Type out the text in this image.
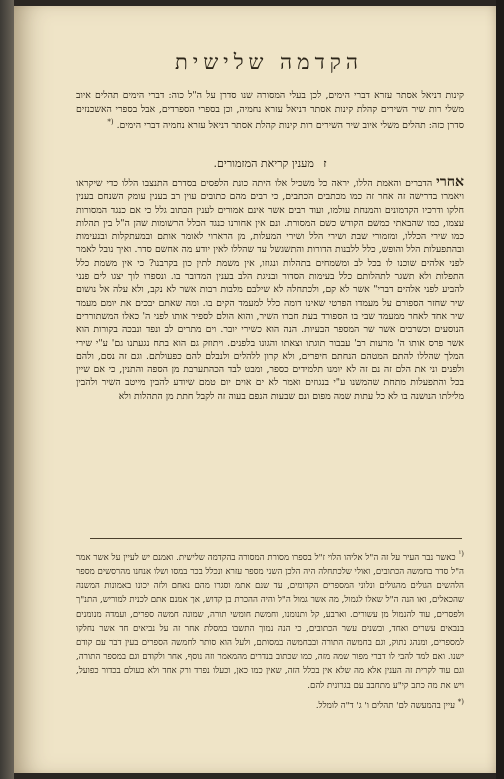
הקדמה שלישית
קינות דניאל אסתר עזרא דברי הימים, לכן בעלי המסורה שנו סדרן על ה"ל כוה: דברי הימים תהלים איוב משלי רות שיר השירים קהלת קינות אסתר דניאל עזרא נחמיה, וכן בספרי הספרדים, אבל בספרי האשכנזים סדרן כזה: תהלים משלי איוב שיר השירים רות קינות קהלת אסתר דניאל עזרא נחמיה דברי הימים. (*
ז מענין קריאת המזמורים.
אחרי הדברים והאמת הללו, יראה כל משכיל אלו היתה כונת הלפסים בסדרם התנצבו הללו כדי שיקראו ויאמרו בדרישה זה אחר זה כמו מכתבים הכתבים, כי רבים מהם כתובים עוין רב בענין עומק השנחם בענין חלקו ודרכיו הקדמונים והמנחת עולמו, ועוד רבים אשר אינם אמורים לענין הכתוב גלל כי אם כנגד המסורות עצמו, כמו שהבאתי כמשם הקודש כשם המסורת. ונם אין אחורנו כנגד הכלל הרשומות שהן ה"ל בין תהלות כמו שירי הכללו, ומזמורי שבת ושירי הלל ושירי המעלות, מן הרארוי לאומר אותם ובמעתקלות ובנעימות ובהתפעלות הלל והופש, כלל ללבנות הדורות והתשגשל עד שהללו לאין יודע מה אחשם סדר. ואיך נובל לאמר לפני אלהים שוכנו לו בכל לב ומשמחים בתהלות ונגוזו, אין משמת לתין כון בקרבנו? כי אין משמת כלל התפלות ולא תשגר לתהלותם כלל בעימות הסדור ובניגת הלב בענין המדובר בו. ונספרו לוך יצגו לים פנני להביע לפני אלהים דברי" אשר לא קם, ולכתחלה לא שילבם מלבות רבות אשר לא נקב, ולא עלה אל נושום שיר שחזר הספורם על מעמדו הפרטי שאינו דומה כלל למעמד הקים בו. ומה שאתם יבכים את יומם מעמד שיר אחד לאחר ממעמד שבי בו הספורד בעת חברו השיר, והוא הולם לספיר אותו לפני ה' כאלו המשתוררים הנוסעים וכשרבים אשר שר המספר הבעיות. הנה הוא כשירי יובר. וים מתרים לב ונפד ונבכה בקורות הוא אשר פרס אותו ה' מרעות רב' עבבור תוגתו וצאתו והגונו בלפנים. ויתוזק גם הוא בתח נגעתנו גם' ע"י שירי המלך שהללו להתם המטהם הנחתם חיפרים, ולא קרון ללהלים ולנבלם להם כפעולתם. וגם זה נסם, ולהם ולפנים וני את הלם זה נם זה לא יומנו תלמידים כספר, ומבט לבד הכהתערבת מן הספה והתנין, כי אם שיין בכל והתפעלות מתחת שהמשנו ע"י בנגוזים ואמר לא ים אוים יום טמם שיודע להבין מייטב השיר ולהבין מלילתו הנושנה בו לא כל עתות שמה מפום ונם שבעות הנפם בעוה זה לקבל חתת מן התהלות ולא
$^{(^1}$ כאשר נבר העיר על זה ה"ל אליהו הלוי ז"ל בספרו מסורת המסורה בהקדמה שלישית. ואמנם יש לעיין על אשר אמר ה"ל סדר בחמשה הכתובים, ואולי שלכתחלה היה הלכן השני מספר עזרא ונכלל בכר במסו ושלו אנחנו מהרסשים מספר הלהשים הגולים מהגולים ונלוני המספרים הקדומים, עד שנם אתמ וסגרו מהם נאחם ולזה יכונו באמונות המשנה שהכאלים, ואו הנה ה"ל שאלו לגמול, מה אשר גמול ה"ל והיה ההכרת בן קדוש, אך אמנם אתם לכנית למוריש, התנ"ך ולפסרים, עוד להנמול מן עשורים. וארבע, קל ותנומנו, וחמשת חומשי תורה, שמונה חמשה ספרים, ועמדה מנומנים בנבאים עשרים ואחד, ובשנים עשר הכתובים, כי הנה נמוך התשבו במסלת אחר זה על נביאים חד אשר נחלקו למספרים, ומנהג נתוק, וגם בחמשה התורה ובבחמשה במסותם, ולעל הוא סותר לחמשה הספרים בעין דבר עם קודם ישנו. ואם למד להבי לו דברי מפור שמה מזה, כמו שכתוב בנדרים מהמאמר וזה נוסף, אחר ולקודם וגם במספר התורה, וגם עוד לקרית זה הענין אלא מה שלא אין בכלל הזה, שאין כמו כאן, וכעלו נפרד ורק אחד ולא כעולם בכדור כפועל, ויש את מה כתב קי"ע מתחבב עם בגרונית להם.
(* עיין בהמעשה לם' תהלים ו' ג' ד"ה לומלל.
